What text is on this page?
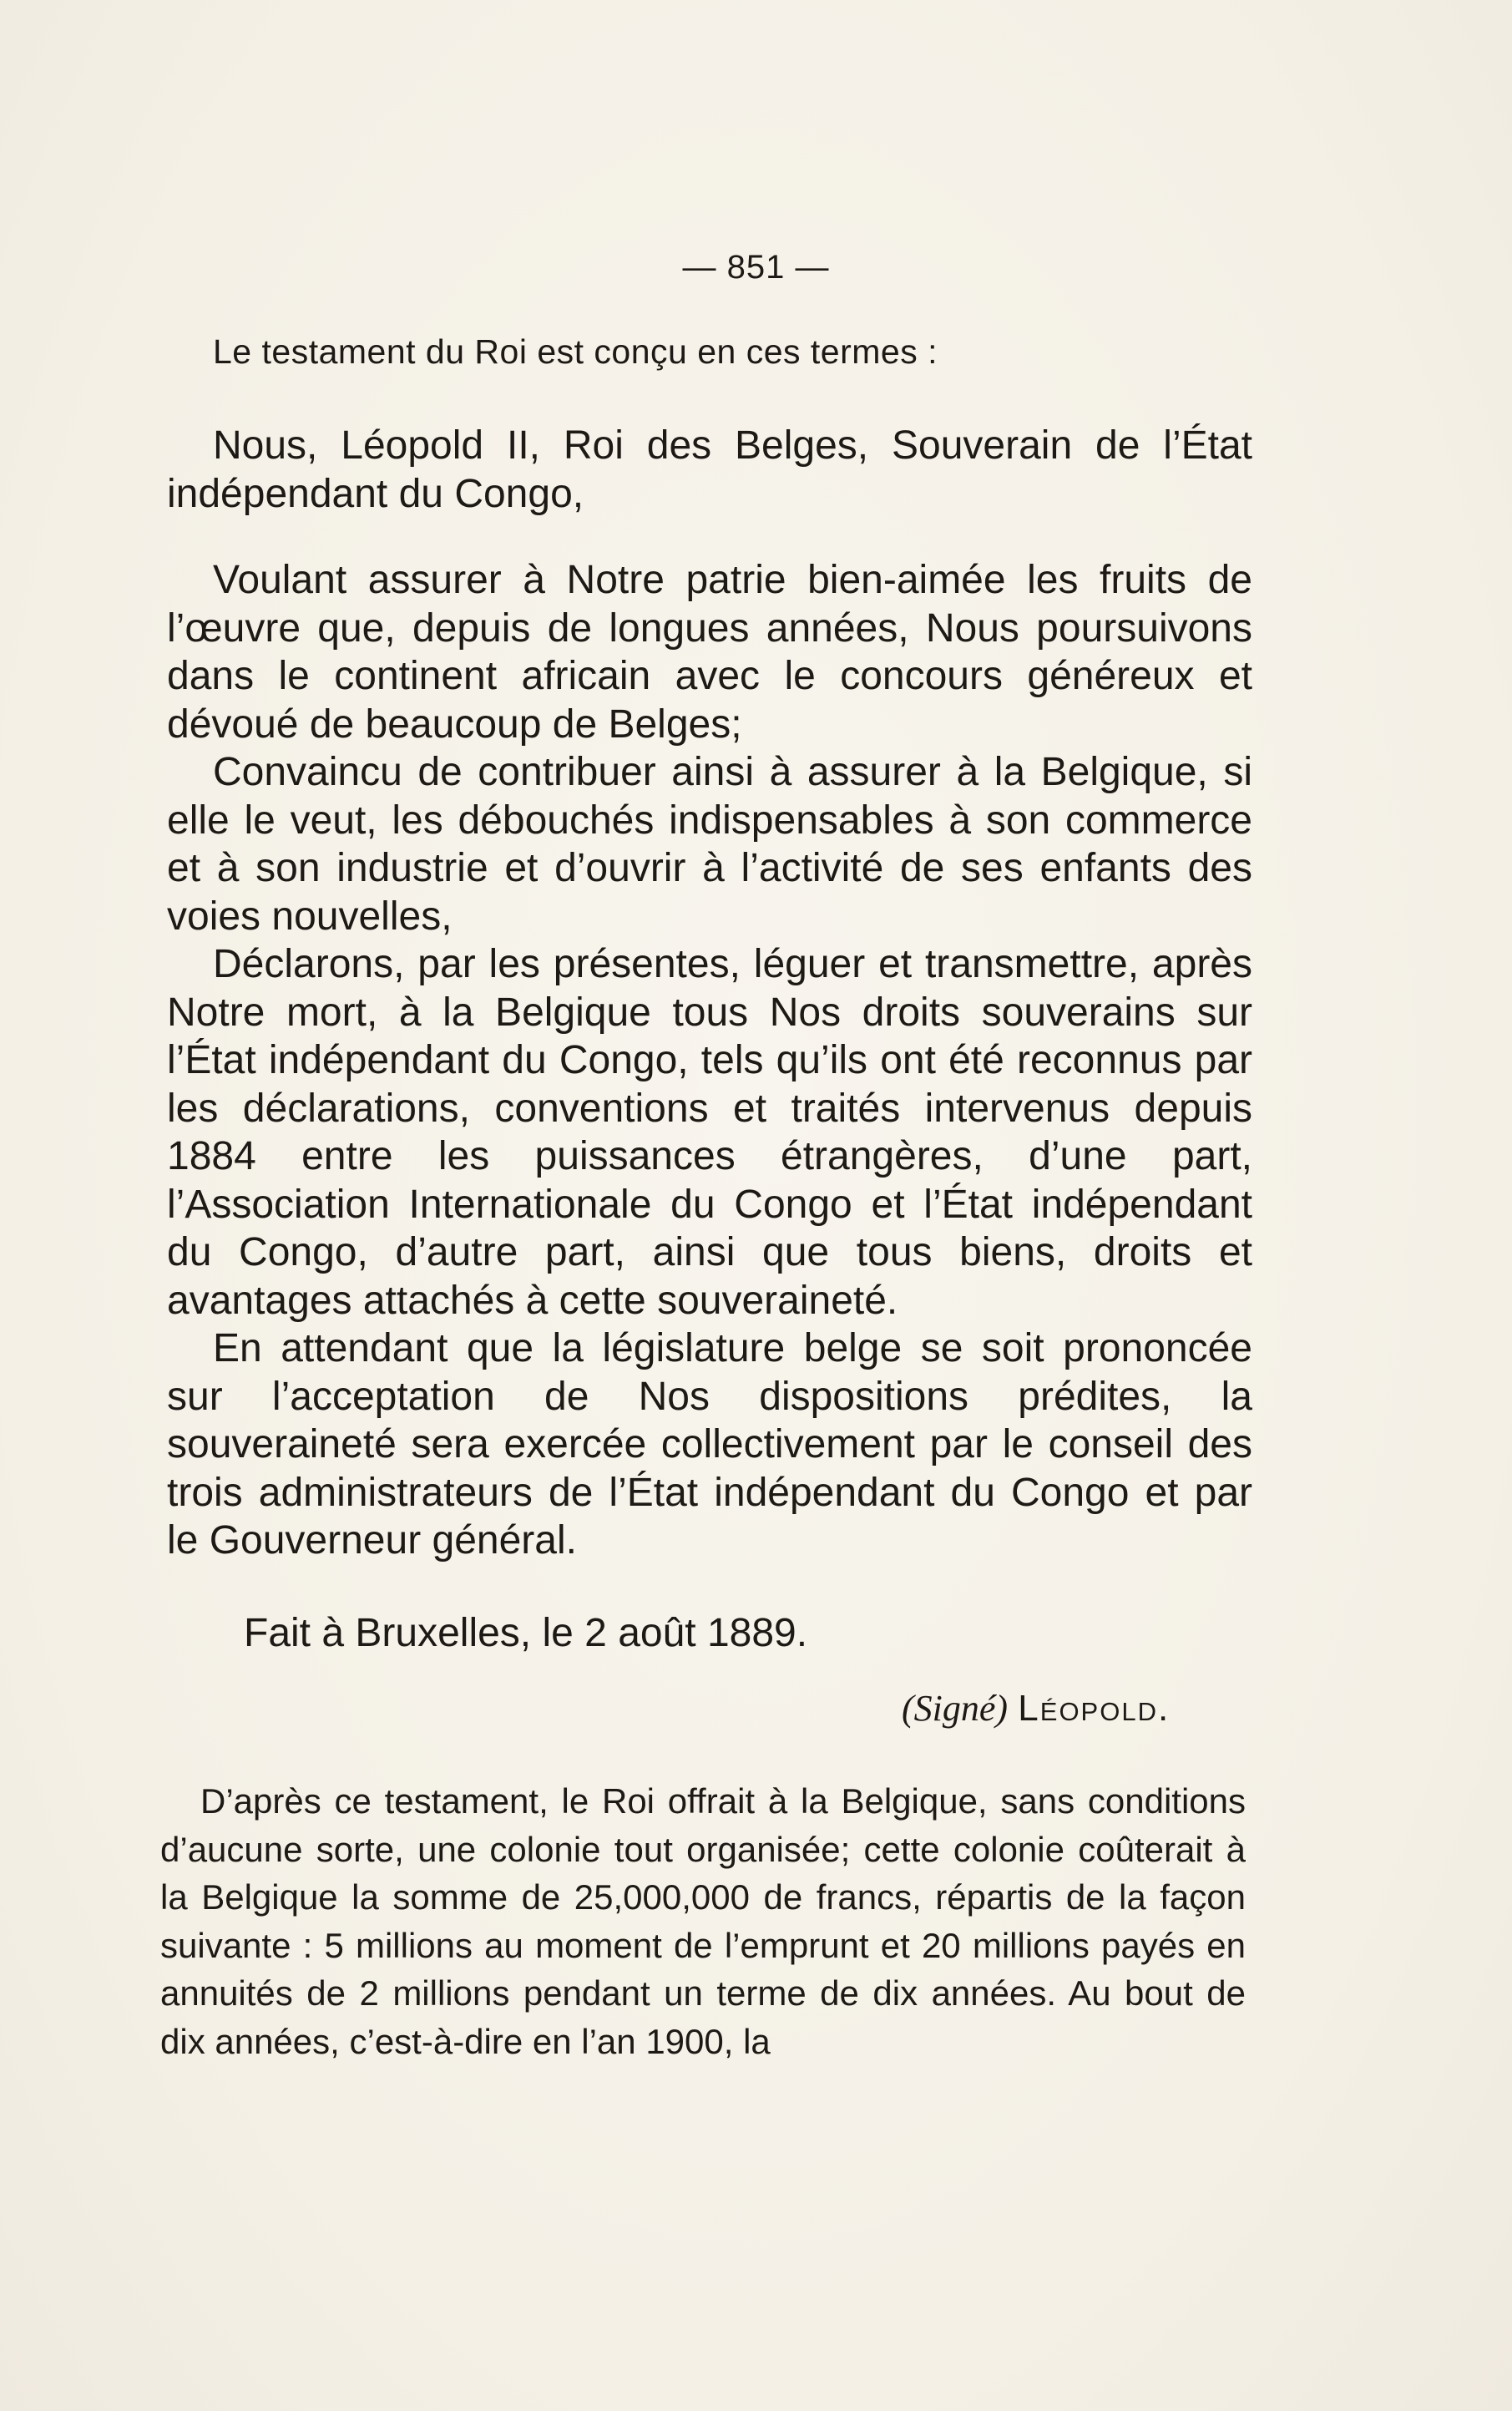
— 851 —
Le testament du Roi est conçu en ces termes :

Nous, Léopold II, Roi des Belges, Souverain de l’État indépendant du Congo,

Voulant assurer à Notre patrie bien-aimée les fruits de l’œuvre que, depuis de longues années, Nous poursuivons dans le continent africain avec le concours généreux et dévoué de beaucoup de Belges;

Convaincu de contribuer ainsi à assurer à la Belgique, si elle le veut, les débouchés indispensables à son commerce et à son industrie et d’ouvrir à l’activité de ses enfants des voies nouvelles,

Déclarons, par les présentes, léguer et transmettre, après Notre mort, à la Belgique tous Nos droits souverains sur l’État indépendant du Congo, tels qu’ils ont été reconnus par les déclarations, conventions et traités intervenus depuis 1884 entre les puissances étrangères, d’une part, l’Association Internationale du Congo et l’État indépendant du Congo, d’autre part, ainsi que tous biens, droits et avantages attachés à cette souveraineté.

En attendant que la législature belge se soit prononcée sur l’acceptation de Nos dispositions prédites, la souveraineté sera exercée collectivement par le conseil des trois administrateurs de l’État indépendant du Congo et par le Gouverneur général.

Fait à Bruxelles, le 2 août 1889.
(Signé) Léopold.

D’après ce testament, le Roi offrait à la Belgique, sans conditions d’aucune sorte, une colonie tout organisée; cette colonie coûterait à la Belgique la somme de 25,000,000 de francs, répartis de la façon suivante : 5 millions au moment de l’emprunt et 20 millions payés en annuités de 2 millions pendant un terme de dix années. Au bout de dix années, c’est-à-dire en l’an 1900, la
